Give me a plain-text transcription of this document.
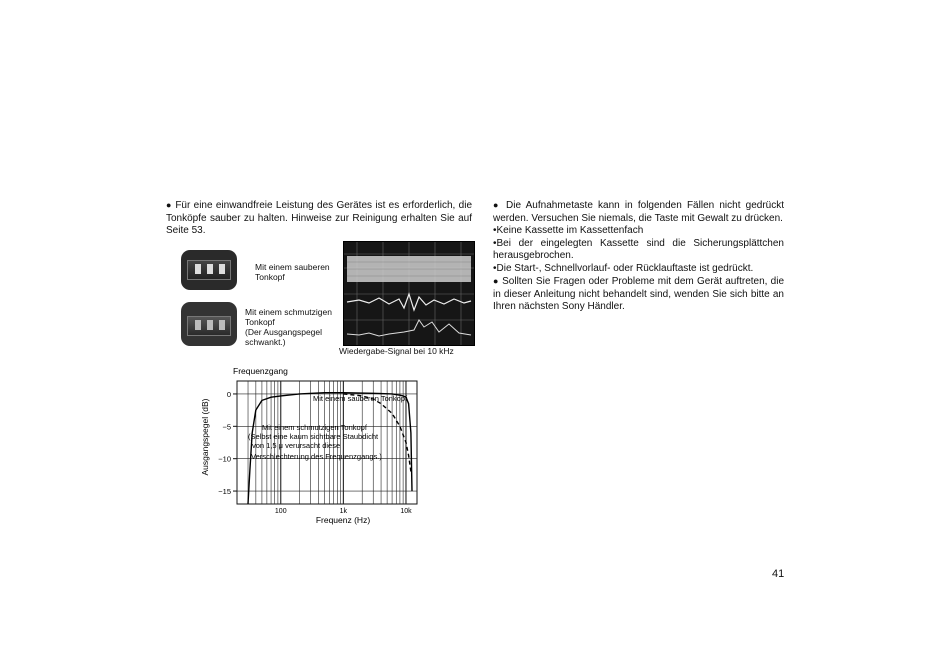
● Für eine einwandfreie Leistung des Gerätes ist es erforderlich, die Tonköpfe sauber zu halten. Hinweise zur Reinigung erhalten Sie auf Seite 53.

Mit einem sauberen Tonkopf
Mit einem schmutzigen Tonkopf
(Der Ausgangspegel schwankt.)
Wiedergabe-Signal bei 10 kHz
Frequenzgang
Ausgangspegel (dB)
Frequenz (Hz)
0
−5
−10
−15
100	1k	10k
Mit einem sauberen Tonkopf
Mit einem schmutzigen Tonkopf
(Selbst eine kaum sichtbare Staubdicht
von 1,5 μ verursacht diese
Verschlechterung des Frequenzgangs.)

● Die Aufnahmetaste kann in folgenden Fällen nicht gedrückt werden. Versuchen Sie niemals, die Taste mit Gewalt zu drücken.

•Keine Kassette im Kassettenfach

•Bei der eingelegten Kassette sind die Sicherungsplättchen herausgebrochen.

•Die Start-, Schnellvorlauf- oder Rücklauftaste ist gedrückt.

● Sollten Sie Fragen oder Probleme mit dem Gerät auftreten, die in dieser Anleitung nicht behandelt sind, wenden Sie sich bitte an Ihren nächsten Sony Händler.

41
